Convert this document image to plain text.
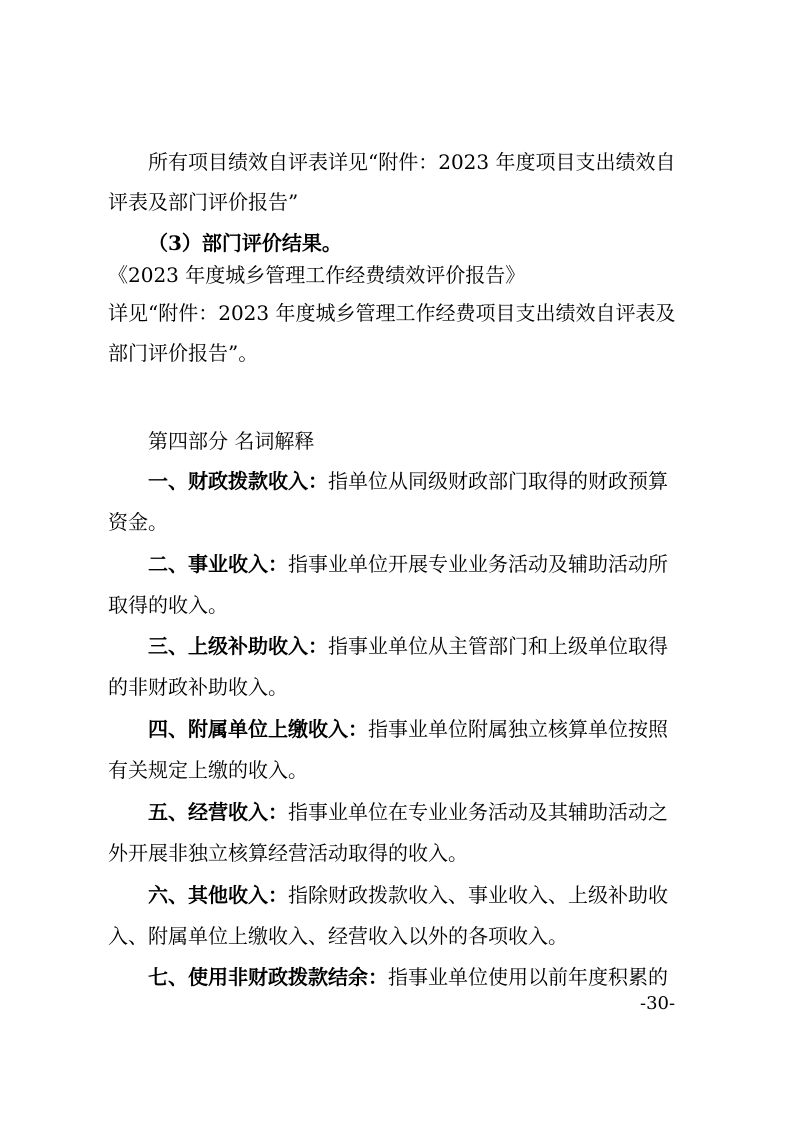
所有项目绩效自评表详见“附件：2023 年度项目支出绩效自
评表及部门评价报告”
（3）部门评价结果。
《2023 年度城乡管理工作经费绩效评价报告》
详见“附件：2023 年度城乡管理工作经费项目支出绩效自评表及
部门评价报告”。
第四部分 名词解释
一、财政拨款收入：指单位从同级财政部门取得的财政预算
资金。
二、事业收入：指事业单位开展专业业务活动及辅助活动所
取得的收入。
三、上级补助收入：指事业单位从主管部门和上级单位取得
的非财政补助收入。
四、附属单位上缴收入：指事业单位附属独立核算单位按照
有关规定上缴的收入。
五、经营收入：指事业单位在专业业务活动及其辅助活动之
外开展非独立核算经营活动取得的收入。
六、其他收入：指除财政拨款收入、事业收入、上级补助收
入、附属单位上缴收入、经营收入以外的各项收入。
七、使用非财政拨款结余：指事业单位使用以前年度积累的
-30-
